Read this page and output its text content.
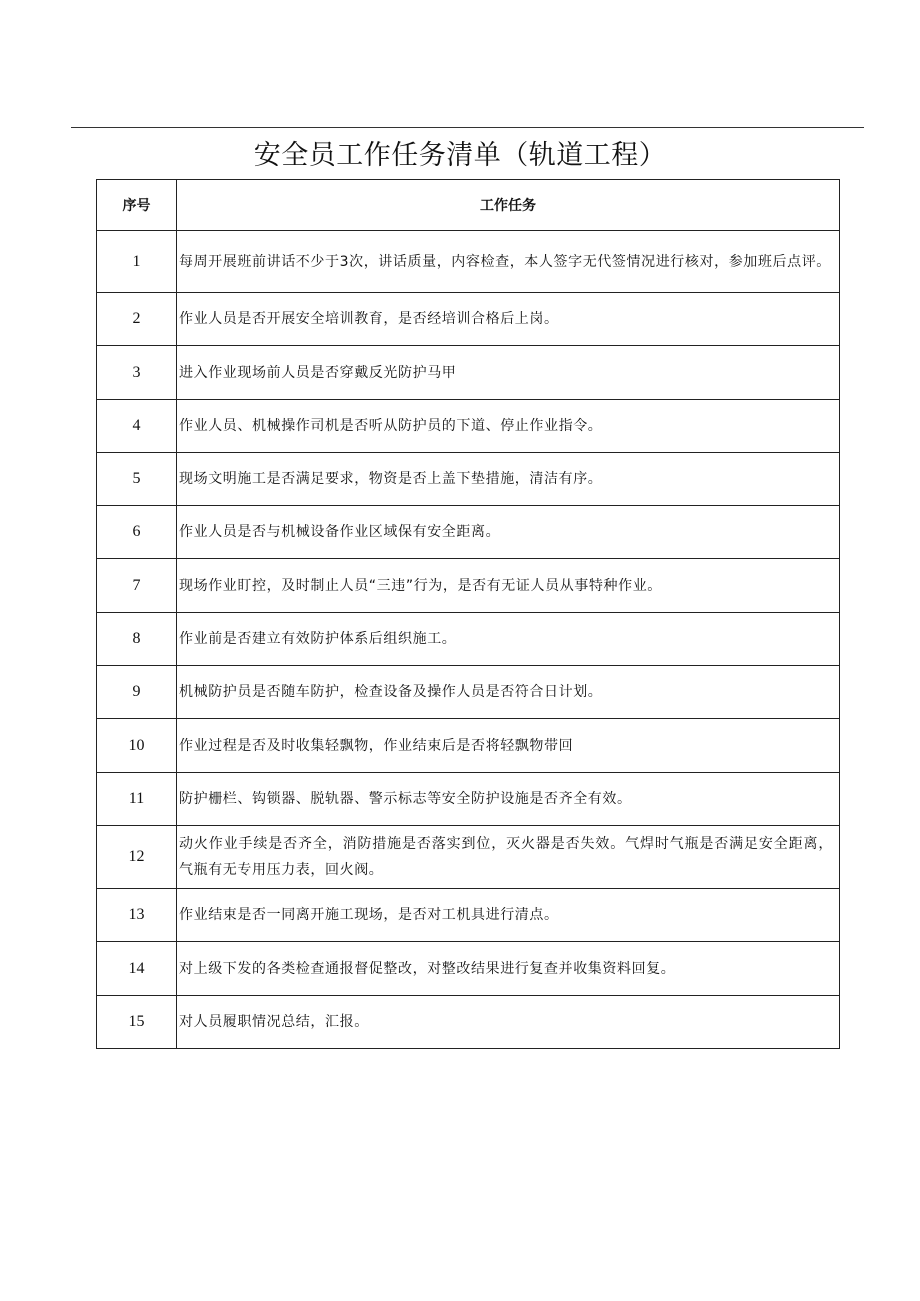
安全员工作任务清单（轨道工程）
序号	工作任务
1	每周开展班前讲话不少于3次，讲话质量，内容检查，本人签字无代签情况进行核对，参加班后点评。
2	作业人员是否开展安全培训教育，是否经培训合格后上岗。
3	进入作业现场前人员是否穿戴反光防护马甲
4	作业人员、机械操作司机是否听从防护员的下道、停止作业指令。
5	现场文明施工是否满足要求，物资是否上盖下垫措施，清洁有序。
6	作业人员是否与机械设备作业区域保有安全距离。
7	现场作业盯控，及时制止人员“三违”行为，是否有无证人员从事特种作业。
8	作业前是否建立有效防护体系后组织施工。
9	机械防护员是否随车防护，检查设备及操作人员是否符合日计划。
10	作业过程是否及时收集轻飘物，作业结束后是否将轻飘物带回
11	防护栅栏、钩锁器、脱轨器、警示标志等安全防护设施是否齐全有效。
12	动火作业手续是否齐全，消防措施是否落实到位，灭火器是否失效。气焊时气瓶是否满足安全距离，气瓶有无专用压力表，回火阀。
13	作业结束是否一同离开施工现场，是否对工机具进行清点。
14	对上级下发的各类检查通报督促整改，对整改结果进行复查并收集资料回复。
15	对人员履职情况总结，汇报。
